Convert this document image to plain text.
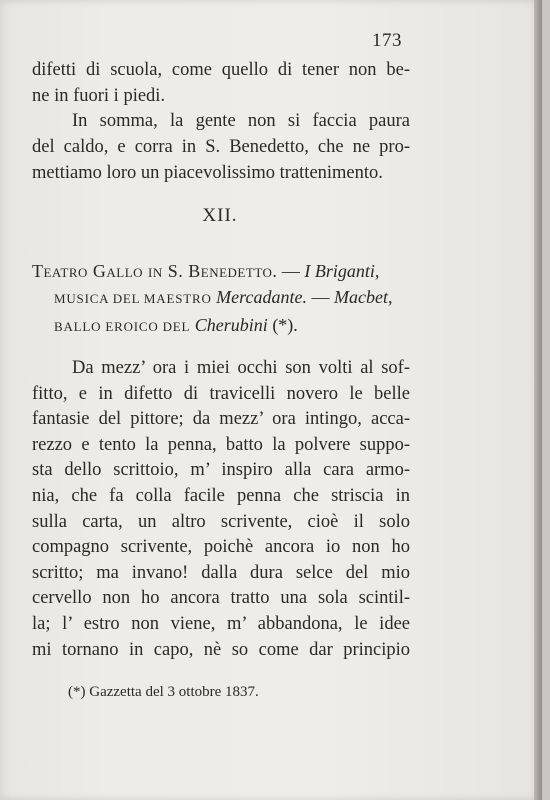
173

difetti di scuola, come quello di tener non be-
ne in fuori i piedi.

In somma, la gente non si faccia paura
del caldo, e corra in S. Benedetto, che ne pro-
mettiamo loro un piacevolissimo trattenimento.

XII.
Teatro Gallo in S. Benedetto. — I Briganti,
MUSICA DEL MAESTRO Mercadante. — Macbet,
BALLO EROICO DEL Cherubini (*).

Da mezz’ ora i miei occhi son volti al sof-
fitto, e in difetto di travicelli novero le belle
fantasie del pittore; da mezz’ ora intingo, acca-
rezzo e tento la penna, batto la polvere suppo-
sta dello scrittoio, m’ inspiro alla cara armo-
nia, che fa colla facile penna che striscia in
sulla carta, un altro scrivente, cioè il solo
compagno scrivente, poichè ancora io non ho
scritto; ma invano! dalla dura selce del mio
cervello non ho ancora tratto una sola scintil-
la; l’ estro non viene, m’ abbandona, le idee
mi tornano in capo, nè so come dar principio

(*) Gazzetta del 3 ottobre 1837.
